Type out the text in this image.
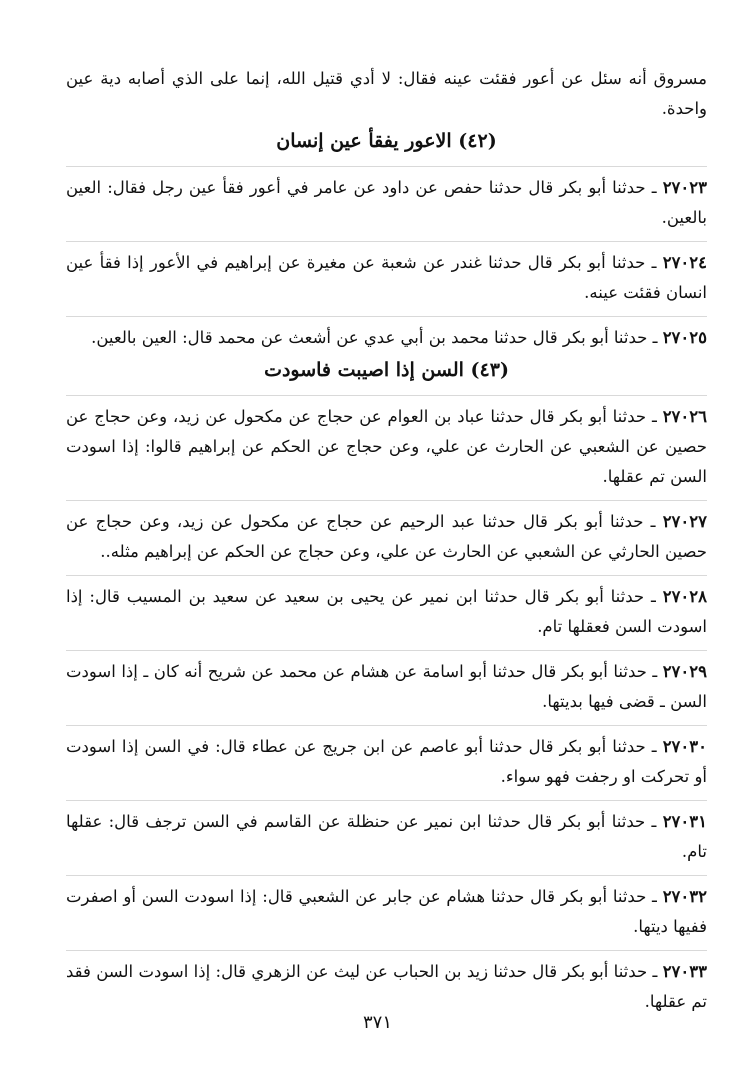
مسروق أنه سئل عن أعور فقئت عينه فقال: لا أدي قتيل الله، إنما على الذي أصابه دية عين واحدة.

(٤٢) الاعور يفقأ عين إنسان

٢٧٠٢٣ ـ حدثنا أبو بكر قال حدثنا حفص عن داود عن عامر في أعور فقأ عين رجل فقال: العين بالعين.

٢٧٠٢٤ ـ حدثنا أبو بكر قال حدثنا غندر عن شعبة عن مغيرة عن إبراهيم في الأعور إذا فقأ عين انسان فقئت عينه.

٢٧٠٢٥ ـ حدثنا أبو بكر قال حدثنا محمد بن أبي عدي عن أشعث عن محمد قال: العين بالعين.

(٤٣) السن إذا اصيبت فاسودت

٢٧٠٢٦ ـ حدثنا أبو بكر قال حدثنا عباد بن العوام عن حجاج عن مكحول عن زيد، وعن حجاج عن حصين عن الشعبي عن الحارث عن علي، وعن حجاج عن الحكم عن إبراهيم قالوا: إذا اسودت السن تم عقلها.

٢٧٠٢٧ ـ حدثنا أبو بكر قال حدثنا عبد الرحيم عن حجاج عن مكحول عن زيد، وعن حجاج عن حصين الحارثي عن الشعبي عن الحارث عن علي، وعن حجاج عن الحكم عن إبراهيم مثله..

٢٧٠٢٨ ـ حدثنا أبو بكر قال حدثنا ابن نمير عن يحيى بن سعيد عن سعيد بن المسيب قال: إذا اسودت السن فعقلها تام.

٢٧٠٢٩ ـ حدثنا أبو بكر قال حدثنا أبو اسامة عن هشام عن محمد عن شريح أنه كان ـ إذا اسودت السن ـ قضى فيها بديتها.

٢٧٠٣٠ ـ حدثنا أبو بكر قال حدثنا أبو عاصم عن ابن جريج عن عطاء قال: في السن إذا اسودت أو تحركت او رجفت فهو سواء.

٢٧٠٣١ ـ حدثنا أبو بكر قال حدثنا ابن نمير عن حنظلة عن القاسم في السن ترجف قال: عقلها تام.

٢٧٠٣٢ ـ حدثنا أبو بكر قال حدثنا هشام عن جابر عن الشعبي قال: إذا اسودت السن أو اصفرت ففيها ديتها.

٢٧٠٣٣ ـ حدثنا أبو بكر قال حدثنا زيد بن الحباب عن ليث عن الزهري قال: إذا اسودت السن فقد تم عقلها.

٣٧١
